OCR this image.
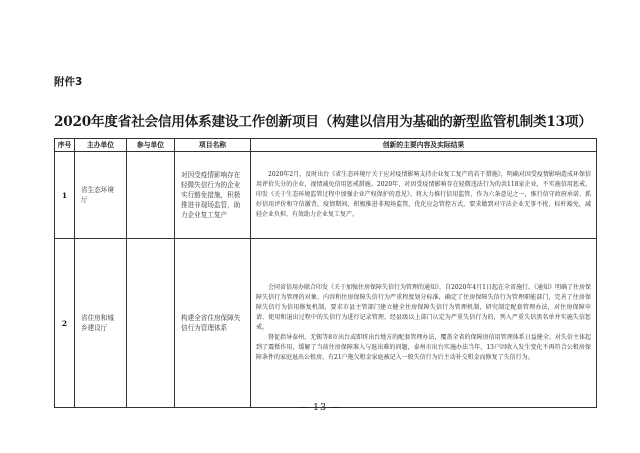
附件3
2020年度省社会信用体系建设工作创新项目（构建以信用为基础的新型监管机制类13项）
序号	主办单位	参与单位	项目名称	创新的主要内容及实际结果
1	省生态环境厅		对因受疫情影响存在轻微失信行为的企业实行豁免措施，积极推进非现场监管，助力企业复工复产	2020年2月，及时出台《省生态环境厅关于应对疫情影响支持企业复工复产的若干措施》，明确对因受疫情影响造成环保信用评价失分的企业，视情减免信用惩戒措施。2020年，对因受疫情影响存在轻微违法行为的共118家企业，不实施信用惩戒。印发《关于生态环境监管过程中加强企业产权保护的意见》，将大力推行信用监管，作为六条意见之一，推行信守政府承诺、抓好信用评价和守信激背，疫情期间，积极推进非现场监管，优化应急管控方式，要求做到对守法企业无事不扰、标杆豁免，减轻企业负担，有效助力企业复工复产。

2	省住房和城乡建设厅		构建全省住房保障失信行为管理体系	会同省信用办联合印发《关于加强住房保障失信行为管理的通知》，自2020年4月1日起在全省施行。《通知》明确了住房保障失信行为管理的对象、内容和住房保障失信行为严重程度划分标准，确定了住房保障失信行为管理职能部门，完善了住房保障失信行为信用修复机制，要求市县主管部门建立健全住房保障失信行为管理机制，研究制定配套管理办法，对住房保障申请、使用和退出过程中的失信行为进行记录管理，经县级以上部门认定为严重失信行为的，列入严重失信黑名单并实施失信惩戒。

督促指导泰州、无锡等8市出台或即将出台地方的配套管理办法，覆盖全省的保障房信用管理体系日益健全。对失信主体起到了震慑作用，缓解了当前住房保障准入与退出难的问题，泰州市出台实施办法当年，13户因收入发生变化不再符合公租房保障条件的家庭退出公租房，有21户拖欠租金家庭被记入一般失信行为后主动补交租金而修复了失信行为。

— 13 —
